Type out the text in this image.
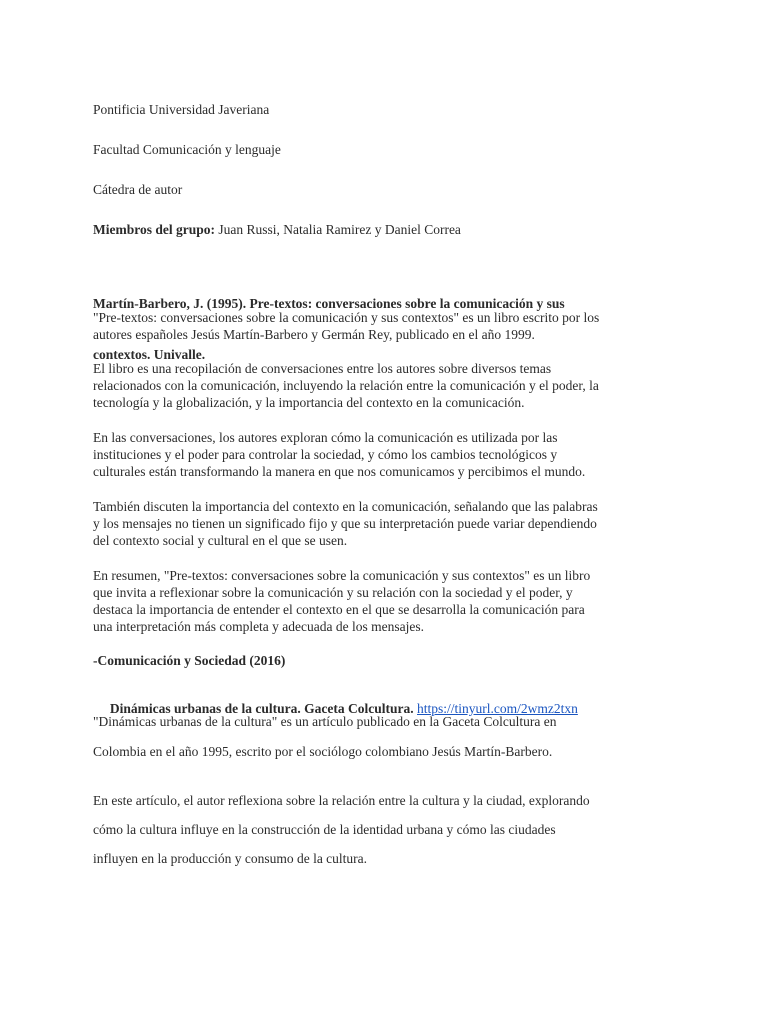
Pontificia Universidad Javeriana
Facultad Comunicación y lenguaje
Cátedra de autor
Miembros del grupo: Juan Russi, Natalia Ramirez y Daniel Correa

Martín-Barbero, J. (1995). Pre-textos: conversaciones sobre la comunicación y sus

contextos. Univalle.

"Pre-textos: conversaciones sobre la comunicación y sus contextos" es un libro escrito por los
autores españoles Jesús Martín-Barbero y Germán Rey, publicado en el año 1999.
El libro es una recopilación de conversaciones entre los autores sobre diversos temas
relacionados con la comunicación, incluyendo la relación entre la comunicación y el poder, la
tecnología y la globalización, y la importancia del contexto en la comunicación.
En las conversaciones, los autores exploran cómo la comunicación es utilizada por las
instituciones y el poder para controlar la sociedad, y cómo los cambios tecnológicos y
culturales están transformando la manera en que nos comunicamos y percibimos el mundo.
También discuten la importancia del contexto en la comunicación, señalando que las palabras
y los mensajes no tienen un significado fijo y que su interpretación puede variar dependiendo
del contexto social y cultural en el que se usen.
En resumen, "Pre-textos: conversaciones sobre la comunicación y sus contextos" es un libro
que invita a reflexionar sobre la comunicación y su relación con la sociedad y el poder, y
destaca la importancia de entender el contexto en el que se desarrolla la comunicación para
una interpretación más completa y adecuada de los mensajes.
-Comunicación y Sociedad (2016)

Dinámicas urbanas de la cultura. Gaceta Colcultura. https://tinyurl.com/2wmz2txn

"Dinámicas urbanas de la cultura" es un artículo publicado en la Gaceta Colcultura en
Colombia en el año 1995, escrito por el sociólogo colombiano Jesús Martín-Barbero.
En este artículo, el autor reflexiona sobre la relación entre la cultura y la ciudad, explorando
cómo la cultura influye en la construcción de la identidad urbana y cómo las ciudades
influyen en la producción y consumo de la cultura.
